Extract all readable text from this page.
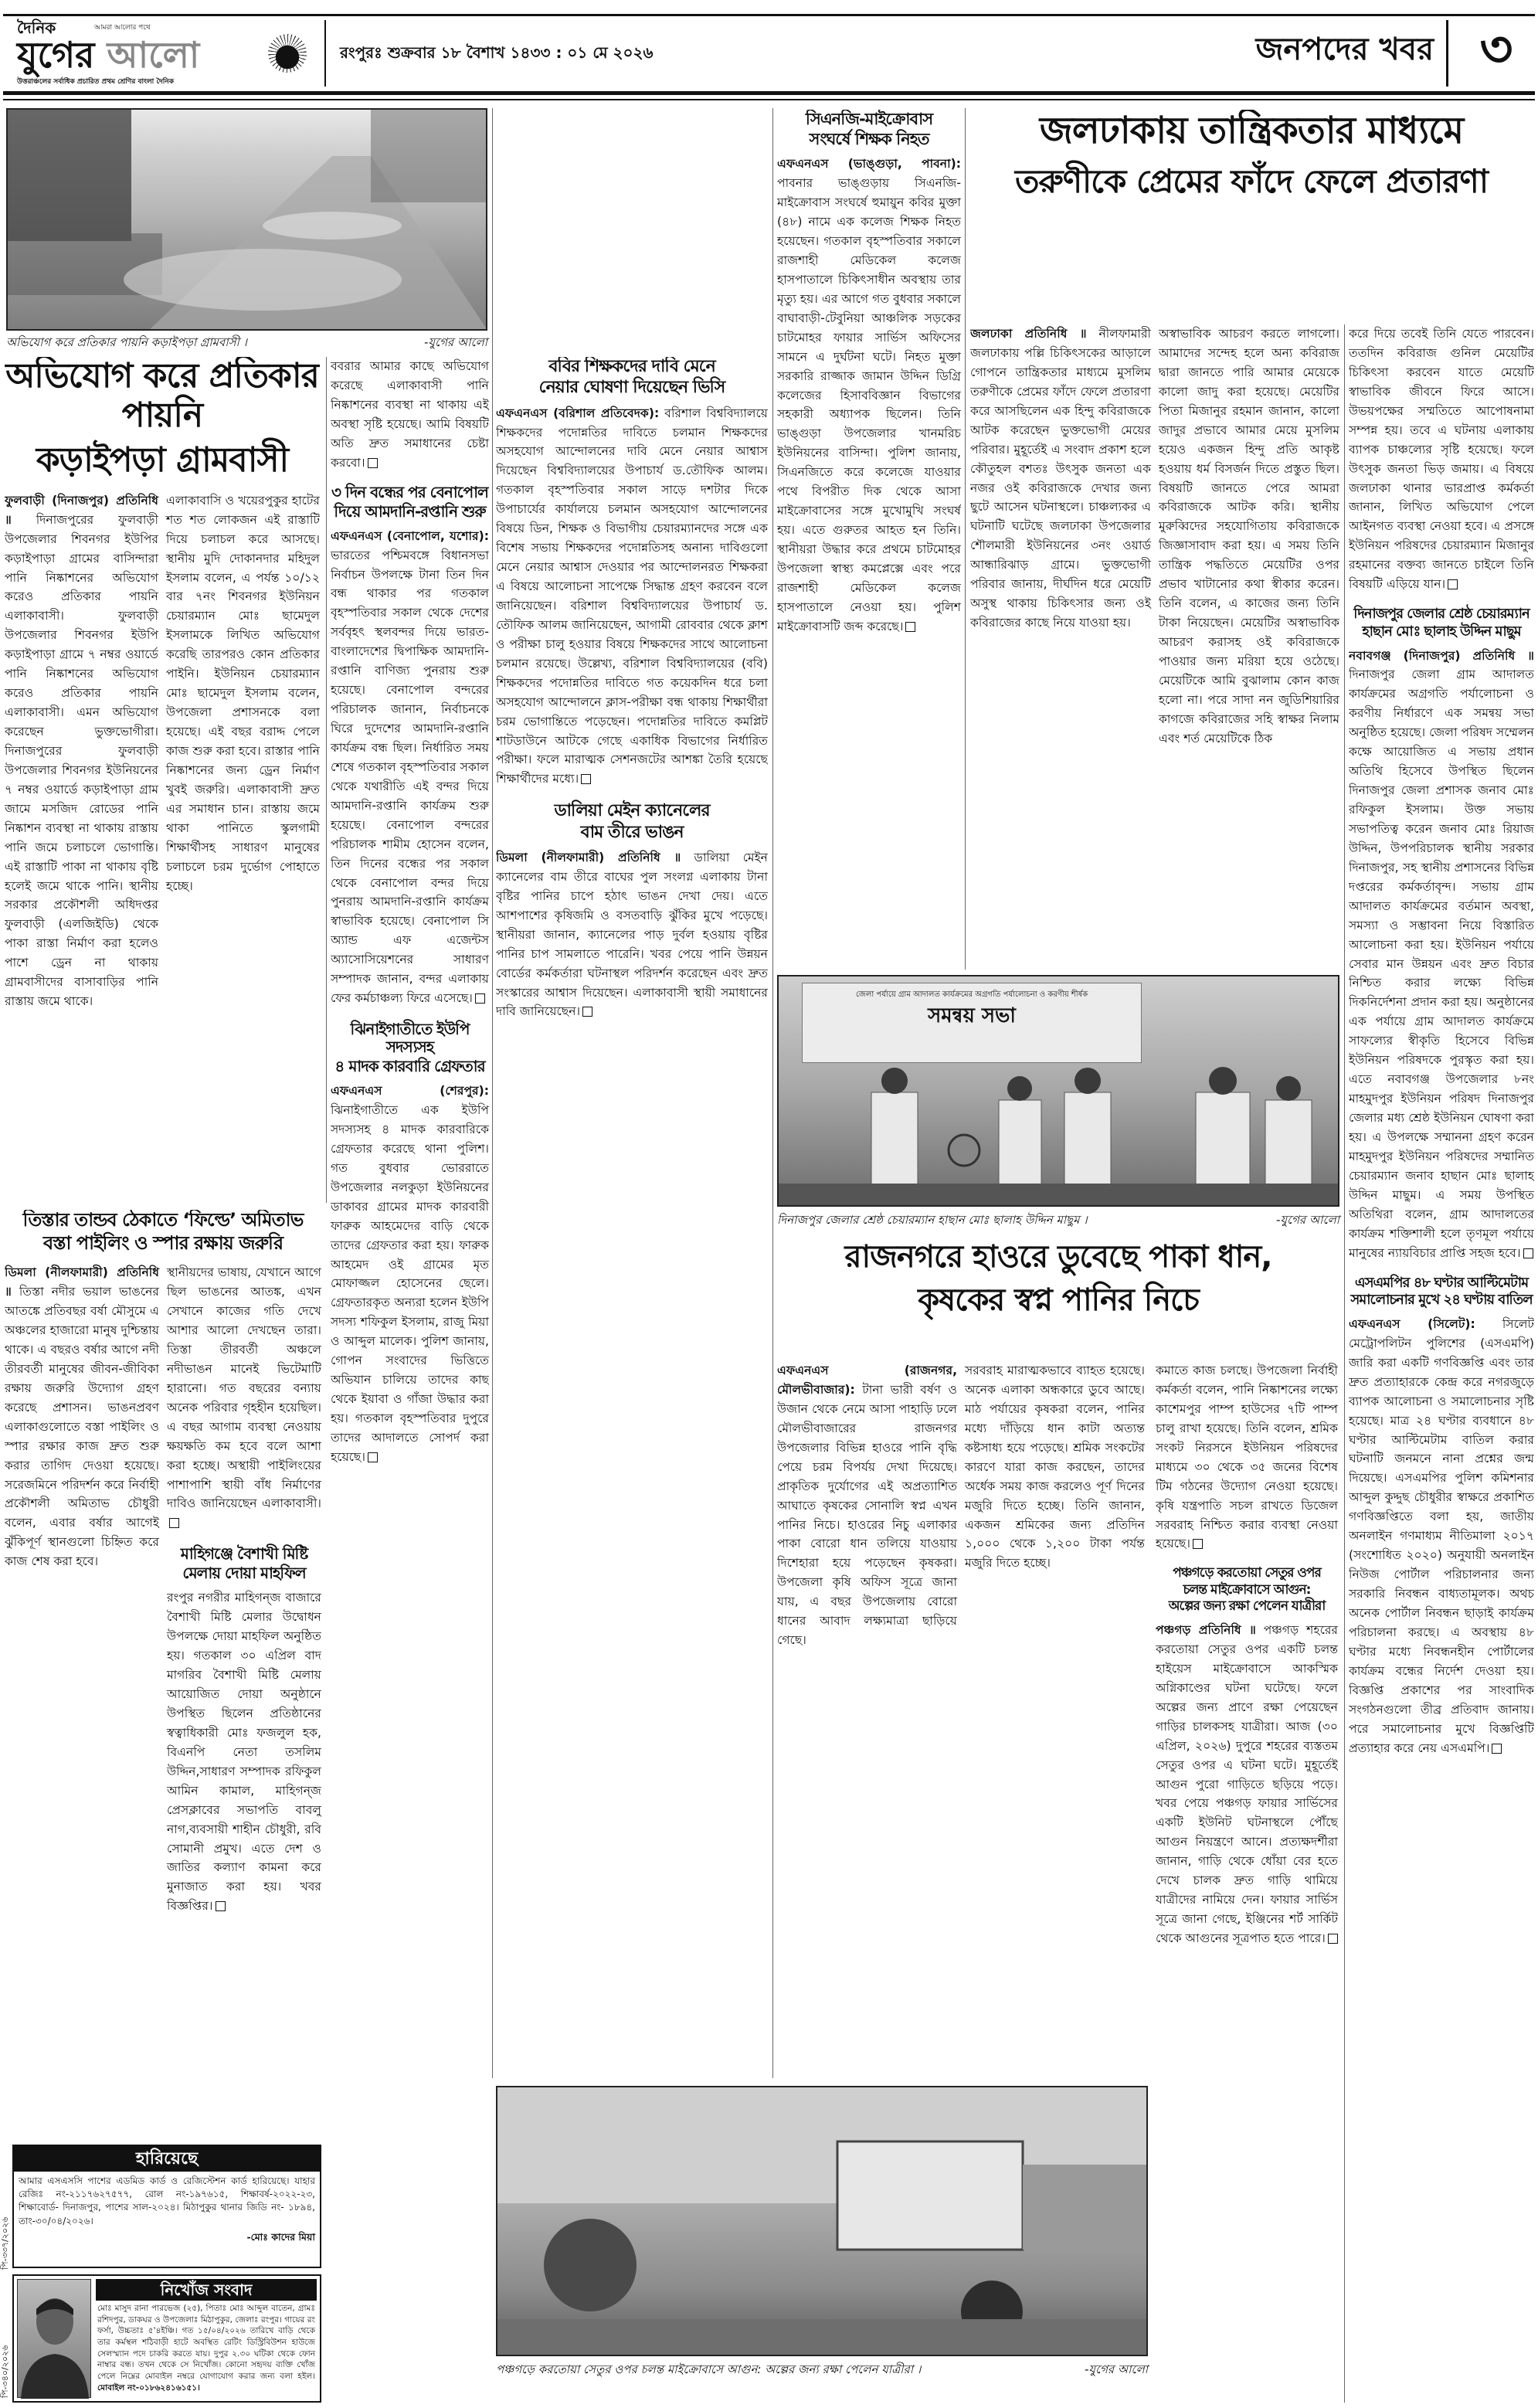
দৈনিক	আমরা আলোর পথে
যুগের আলো
উত্তরাঞ্চলের সর্বাধিক প্রচারিত প্রথম শ্রেণির বাংলা দৈনিক
রংপুরঃ শুক্রবার ১৮ বৈশাখ ১৪৩৩ : ০১ মে ২০২৬	জনপদের খবর ৩
অভিযোগ করে প্রতিকার পায়নি কড়াইপড়া গ্রামবাসী ।	-যুগের আলো
অভিযোগ করে প্রতিকার পায়নি
কড়াইপড়া গ্রামবাসী
ফুলবাড়ী (দিনাজপুর) প্রতিনিধি ॥ দিনাজপুরের ফুলবাড়ী উপজেলার শিবনগর ইউপির কড়াইপাড়া গ্রামের বাসিন্দারা পানি নিষ্কাশনের অভিযোগ করেও প্রতিকার পায়নি এলাকাবাসী। ফুলবাড়ী উপজেলার শিবনগর ইউপি কড়াইপাড়া গ্রামে ৭ নম্বর ওয়ার্ডে পানি নিষ্কাশনের অভিযোগ করেও প্রতিকার পায়নি এলাকাবাসী। এমন অভিযোগ করেছেন ভুক্তভোগীরা। দিনাজপুরের ফুলবাড়ী উপজেলার শিবনগর ইউনিয়নের ৭ নম্বর ওয়ার্ডে কড়াইপাড়া গ্রাম জামে মসজিদ রোডের পানি নিষ্কাশন ব্যবস্থা না থাকায় রাস্তায় পানি জমে চলাচলে ভোগান্তি। এই রাস্তাটি পাকা না থাকায় বৃষ্টি হলেই জমে থাকে পানি। স্থানীয় সরকার প্রকৌশলী অধিদপ্তর ফুলবাড়ী (এলজিইডি) থেকে পাকা রাস্তা নির্মাণ করা হলেও পাশে ড্রেন না থাকায় গ্রামবাসীদের বাসাবাড়ির পানি রাস্তায় জমে থাকে।
এলাকাবাসি ও খয়েরপুকুর হাটের শত শত লোকজন এই রাস্তাটি দিয়ে চলাচল করে আসছে। স্থানীয় মুদি দোকানদার মহিদুল ইসলাম বলেন, এ পর্যন্ত ১০/১২ বার ৭নং শিবনগর ইউনিয়ন চেয়ারম্যান মোঃ ছামেদুল ইসলামকে লিখিত অভিযোগ করেছি তারপরও কোন প্রতিকার পাইনি। ইউনিয়ন চেয়ারম্যান মোঃ ছামেদুল ইসলাম বলেন, উপজেলা প্রশাসনকে বলা হয়েছে। এই বছর বরাদ্দ পেলে কাজ শুরু করা হবে। রাস্তার পানি নিষ্কাশনের জন্য ড্রেন নির্মাণ খুবই জরুরি। এলাকাবাসী দ্রুত এর সমাধান চান। রাস্তায় জমে থাকা পানিতে স্কুলগামী শিক্ষার্থীসহ সাধারণ মানুষের চলাচলে চরম দুর্ভোগ পোহাতে হচ্ছে।
ববরার আমার কাছে অভিযোগ করেছে এলাকাবাসী পানি নিষ্কাশনের ব্যবস্থা না থাকায় এই অবস্থা সৃষ্টি হয়েছে। আমি বিষয়টি অতি দ্রুত সমাধানের চেষ্টা করবো।
৩ দিন বন্ধের পর বেনাপোল
দিয়ে আমদানি-রপ্তানি শুরু
এফএনএস (বেনাপোল, যশোর): ভারতের পশ্চিমবঙ্গে বিধানসভা নির্বাচন উপলক্ষে টানা তিন দিন বন্ধ থাকার পর গতকাল বৃহস্পতিবার সকাল থেকে দেশের সর্ববৃহৎ স্থলবন্দর দিয়ে ভারত-বাংলাদেশের দ্বিপাক্ষিক আমদানি-রপ্তানি বাণিজ্য পুনরায় শুরু হয়েছে। বেনাপোল বন্দরের পরিচালক জানান, নির্বাচনকে ঘিরে দুদেশের আমদানি-রপ্তানি কার্যক্রম বন্ধ ছিল। নির্ধারিত সময় শেষে গতকাল বৃহস্পতিবার সকাল থেকে যথারীতি এই বন্দর দিয়ে আমদানি-রপ্তানি কার্যক্রম শুরু হয়েছে। বেনাপোল বন্দরের পরিচালক শামীম হোসেন বলেন, তিন দিনের বন্ধের পর সকাল থেকে বেনাপোল বন্দর দিয়ে পুনরায় আমদানি-রপ্তানি কার্যক্রম স্বাভাবিক হয়েছে। বেনাপোল সি অ্যান্ড এফ এজেন্টস অ্যাসোসিয়েশনের সাধারণ সম্পাদক জানান, বন্দর এলাকায় ফের কর্মচাঞ্চল্য ফিরে এসেছে।
ঝিনাইগাতীতে ইউপি সদস্যসহ
৪ মাদক কারবারি গ্রেফতার
এফএনএস (শেরপুর): ঝিনাইগাতীতে এক ইউপি সদস্যসহ ৪ মাদক কারবারিকে গ্রেফতার করেছে থানা পুলিশ। গত বুধবার ভোররাতে উপজেলার নলকুড়া ইউনিয়নের ডাকাবর গ্রামের মাদক কারবারী ফারুক আহমেদের বাড়ি থেকে তাদের গ্রেফতার করা হয়। ফারুক আহমেদ ওই গ্রামের মৃত মোফাজ্জল হোসেনের ছেলে। গ্রেফতারকৃত অন্যরা হলেন ইউপি সদস্য শফিকুল ইসলাম, রাজু মিয়া ও আব্দুল মালেক। পুলিশ জানায়, গোপন সংবাদের ভিত্তিতে অভিযান চালিয়ে তাদের কাছ থেকে ইয়াবা ও গাঁজা উদ্ধার করা হয়। গতকাল বৃহস্পতিবার দুপুরে তাদের আদালতে সোপর্দ করা হয়েছে।
তিস্তার তান্ডব ঠেকাতে ‘ফিল্ডে’ অমিতাভ
বস্তা পাইলিং ও স্পার রক্ষায় জরুরি
ডিমলা (নীলফামারী) প্রতিনিধি ॥ তিস্তা নদীর ভয়াল ভাঙনের আতঙ্কে প্রতিবছর বর্ষা মৌসুমে এ অঞ্চলের হাজারো মানুষ দুশ্চিন্তায় থাকে। এ বছরও বর্ষার আগে নদী তীরবর্তী মানুষের জীবন-জীবিকা রক্ষায় জরুরি উদ্যোগ গ্রহণ করেছে প্রশাসন। ভাঙনপ্রবণ এলাকাগুলোতে বস্তা পাইলিং ও স্পার রক্ষার কাজ দ্রুত শুরু করার তাগিদ দেওয়া হয়েছে। সরেজমিনে পরিদর্শন করে নির্বাহী প্রকৌশলী অমিতাভ চৌধুরী বলেন, এবার বর্ষার আগেই ঝুঁকিপূর্ণ স্থানগুলো চিহ্নিত করে কাজ শেষ করা হবে।
স্থানীয়দের ভাষায়, যেখানে আগে ছিল ভাঙনের আতঙ্ক, এখন সেখানে কাজের গতি দেখে আশার আলো দেখছেন তারা। তিস্তা তীরবর্তী অঞ্চলে নদীভাঙন মানেই ভিটেমাটি হারানো। গত বছরের বন্যায় অনেক পরিবার গৃহহীন হয়েছিল। এ বছর আগাম ব্যবস্থা নেওয়ায় ক্ষয়ক্ষতি কম হবে বলে আশা করা হচ্ছে। অস্থায়ী পাইলিংয়ের পাশাপাশি স্থায়ী বাঁধ নির্মাণের দাবিও জানিয়েছেন এলাকাবাসী।
মাহিগঞ্জে বৈশাখী মিষ্টি
মেলায় দোয়া মাহফিল
রংপুর নগরীর মাহিগন্জ বাজারে বৈশাখী মিষ্টি মেলার উদ্বোধন উপলক্ষে দোয়া মাহফিল অনুষ্ঠিত হয়। গতকাল ৩০ এপ্রিল বাদ মাগরিব বৈশাখী মিষ্টি মেলায় আয়োজিত দোয়া অনুষ্ঠানে উপস্থিত ছিলেন প্রতিষ্ঠানের স্বত্বাধিকারী মোঃ ফজলুল হক, বিএনপি নেতা তসলিম উদ্দিন,সাধারণ সম্পাদক রফিকুল আমিন কামাল, মাহিগন্জ প্রেসক্লাবের সভাপতি বাবলু নাগ,ব্যবসায়ী শাহীন চৌধুরী, রবি সোমানী প্রমুখ। এতে দেশ ও জাতির কল্যাণ কামনা করে মুনাজাত করা হয়। খবর বিজ্ঞপ্তির।
পি-৩৩৭/২০২৬
হারিয়েছে
আমার এসএসসি পাশের এডমিড কার্ড ও রেজিস্টেশন কার্ড হারিয়েছে। যাহার রেজিঃ নং-২১১৭৬২৭৫৭৭, রোল নং-১৯৭৬১৫, শিক্ষাবর্ষ-২০২২-২৩, শিক্ষাবোর্ড- দিনাজপুর, পাশের সাল-২০২৪। মিঠাপুকুর থানার জিডি নং- ১৮৯৪, তাং-৩০/০৪/২০২৬।
-মোঃ কাদের মিয়া
পি-৩৪০/২০২৬
নিখোঁজ সংবাদ
মোঃ মাসুদ রানা পারভেজ (২৫), পিতাঃ মোঃ আব্দুল বাতেন, গ্রামঃ রশিদপুর, ডাকঘর ও উপজেলাঃ মিঠাপুকুর, জেলাঃ রংপুর। গায়ের রং ফর্সা, উচ্চতাঃ ৫'৪ইঞ্চি। গত ১৫/০৪/২০২৬ তারিখে বাড়ি থেকে তার কর্মস্থল শঠিবাড়ী হাটে অবস্থিত রেটিং ডিস্ট্রিবিউশন হাউজে সেলস্ম্যান পদে চাকরি করতে যায়। দুপুর ২.৩০ ঘটিকা থেকে ফোন নাম্বার বন্ধ। তখন থেকে সে নিখোঁজ। কোনো সহৃদয় ব্যক্তি খোঁজ পেলে নিম্নের মোবাইল নম্বরে যোগাযোগ করার জন্য বলা হইল। মোবাইল নং-০১৮৬২৪১৬১৫১।
ববির শিক্ষকদের দাবি মেনে
নেয়ার ঘোষণা দিয়েছেন ভিসি
এফএনএস (বরিশাল প্রতিবেদক): বরিশাল বিশ্ববিদ্যালয়ে শিক্ষকদের পদোন্নতির দাবিতে চলমান শিক্ষকদের অসহযোগ আন্দোলনের দাবি মেনে নেয়ার আশ্বাস দিয়েছেন বিশ্ববিদ্যালয়ের উপাচার্য ড.তৌফিক আলম। গতকাল বৃহস্পতিবার সকাল সাড়ে দশটার দিকে উপাচার্যের কার্যালয়ে চলমান অসহযোগ আন্দোলনের বিষয়ে ডিন, শিক্ষক ও বিভাগীয় চেয়ারম্যানদের সঙ্গে এক বিশেষ সভায় শিক্ষকদের পদোন্নতিসহ অনান্য দাবিগুলো মেনে নেয়ার আশ্বাস দেওয়ার পর আন্দোলনরত শিক্ষকরা এ বিষয়ে আলোচনা সাপেক্ষে সিদ্ধান্ত গ্রহণ করবেন বলে জানিয়েছেন। বরিশাল বিশ্ববিদ্যালয়ের উপাচার্য ড. তৌফিক আলম জানিয়েছেন, আগামী রোববার থেকে ক্লাশ ও পরীক্ষা চালু হওয়ার বিষয়ে শিক্ষকদের সাথে আলোচনা চলমান রয়েছে। উল্লেখ্য, বরিশাল বিশ্ববিদ্যালয়ের (ববি) শিক্ষকদের পদোন্নতির দাবিতে গত কয়েকদিন ধরে চলা অসহযোগ আন্দোলনে ক্লাস-পরীক্ষা বন্ধ থাকায় শিক্ষার্থীরা চরম ভোগান্তিতে পড়েছেন। পদোন্নতির দাবিতে কমপ্লিট শাটডাউনে আটকে গেছে একাধিক বিভাগের নির্ধারিত পরীক্ষা। ফলে মারাত্মক সেশনজটের আশঙ্কা তৈরি হয়েছে শিক্ষার্থীদের মধ্যে।
ডালিয়া মেইন ক্যানেলের
বাম তীরে ভাঙন
ডিমলা (নীলফামারী) প্রতিনিধি ॥ ডালিয়া মেইন ক্যানেলের বাম তীরে বাঘের পুল সংলগ্ন এলাকায় টানা বৃষ্টির পানির চাপে হঠাৎ ভাঙন দেখা দেয়। এতে আশপাশের কৃষিজমি ও বসতবাড়ি ঝুঁকির মুখে পড়েছে। স্থানীয়রা জানান, ক্যানেলের পাড় দুর্বল হওয়ায় বৃষ্টির পানির চাপ সামলাতে পারেনি। খবর পেয়ে পানি উন্নয়ন বোর্ডের কর্মকর্তারা ঘটনাস্থল পরিদর্শন করেছেন এবং দ্রুত সংস্কারের আশ্বাস দিয়েছেন। এলাকাবাসী স্থায়ী সমাধানের দাবি জানিয়েছেন।
পঞ্চগড়ে করতোয়া সেতুর ওপর চলন্ত মাইক্রোবাসে আগুন: অল্পের জন্য রক্ষা পেলেন যাত্রীরা ।	-যুগের আলো
সিএনজি-মাইক্রোবাস
সংঘর্ষে শিক্ষক নিহত
এফএনএস (ভাঙ্গুড়া, পাবনা): পাবনার ভাঙ্গুড়ায় সিএনজি- মাইক্রোবাস সংঘর্ষে হুমায়ুন কবির মুক্তা (৪৮) নামে এক কলেজ শিক্ষক নিহত হয়েছেন। গতকাল বৃহস্পতিবার সকালে রাজশাহী মেডিকেল কলেজ হাসপাতালে চিকিৎসাধীন অবস্থায় তার মৃত্যু হয়। এর আগে গত বুধবার সকালে বাঘাবাড়ী-টেবুনিয়া আঞ্চলিক সড়কের চাটমোহর ফায়ার সার্ভিস অফিসের সামনে এ দুর্ঘটনা ঘটে। নিহত মুক্তা সরকারি রাজ্জাক জামান উদ্দিন ডিগ্রি কলেজের হিসাববিজ্ঞান বিভাগের সহকারী অধ্যাপক ছিলেন। তিনি ভাঙ্গুড়া উপজেলার খানমরিচ ইউনিয়নের বাসিন্দা। পুলিশ জানায়, সিএনজিতে করে কলেজে যাওয়ার পথে বিপরীত দিক থেকে আসা মাইক্রোবাসের সঙ্গে মুখোমুখি সংঘর্ষ হয়। এতে গুরুতর আহত হন তিনি। স্থানীয়রা উদ্ধার করে প্রথমে চাটমোহর উপজেলা স্বাস্থ্য কমপ্লেক্সে এবং পরে রাজশাহী মেডিকেল কলেজ হাসপাতালে নেওয়া হয়। পুলিশ মাইক্রোবাসটি জব্দ করেছে।
জলঢাকায় তান্ত্রিকতার মাধ্যমে
তরুণীকে প্রেমের ফাঁদে ফেলে প্রতারণা
জলঢাকা প্রতিনিধি ॥ নীলফামারী জলঢাকায় পল্লি চিকিৎসকের আড়ালে গোপনে তান্ত্রিকতার মাধ্যমে মুসলিম তরুণীকে প্রেমের ফাঁদে ফেলে প্রতারণা করে আসছিলেন এক হিন্দু কবিরাজকে আটক করেছেন ভুক্তভোগী মেয়ের পরিবার। মুহূর্তেই এ সংবাদ প্রকাশ হলে কৌতুহল বশতঃ উৎসুক জনতা এক নজর ওই কবিরাজকে দেখার জন্য ছুটে আসেন ঘটনাস্থলে। চাঞ্চল্যকর এ ঘটনাটি ঘটেছে জলঢাকা উপজেলার শৌলমারী ইউনিয়নের ৩নং ওয়ার্ড আন্ধারিঝাড় গ্রামে। ভুক্তভোগী পরিবার জানায়, দীর্ঘদিন ধরে মেয়েটি অসুস্থ থাকায় চিকিৎসার জন্য ওই কবিরাজের কাছে নিয়ে যাওয়া হয়।
অস্বাভাবিক আচরণ করতে লাগলো। আমাদের সন্দেহ হলে অন্য কবিরাজ দ্বারা জানতে পারি আমার মেয়েকে কালো জাদু করা হয়েছে। মেয়েটির পিতা মিজানুর রহমান জানান, কালো জাদুর প্রভাবে আমার মেয়ে মুসলিম হয়েও একজন হিন্দু প্রতি আকৃষ্ট হওয়ায় ধর্ম বিসর্জন দিতে প্রস্তুত ছিল। বিষয়টি জানতে পেরে আমরা কবিরাজকে আটক করি। স্থানীয় মুরুব্বিদের সহযোগিতায় কবিরাজকে জিজ্ঞাসাবাদ করা হয়। এ সময় তিনি তান্ত্রিক পদ্ধতিতে মেয়েটির ওপর প্রভাব খাটানোর কথা স্বীকার করেন। তিনি বলেন, এ কাজের জন্য তিনি টাকা নিয়েছেন। মেয়েটির অস্বাভাবিক আচরণ করাসহ ওই কবিরাজকে পাওয়ার জন্য মরিয়া হয়ে ওঠেছে। মেয়েটিকে আমি বুঝালাম কোন কাজ হলো না। পরে সাদা নন জুডিশিয়ারির কাগজে কবিরাজের সহি স্বাক্ষর নিলাম এবং শর্ত মেয়েটিকে ঠিক
করে দিয়ে তবেই তিনি যেতে পারবেন। ততদিন কবিরাজ গুনিল মেয়েটির চিকিৎসা করবেন যাতে মেয়েটি স্বাভাবিক জীবনে ফিরে আসে। উভয়পক্ষের সম্মতিতে আপোষনামা সম্পন্ন হয়। তবে এ ঘটনায় এলাকায় ব্যাপক চাঞ্চল্যের সৃষ্টি হয়েছে। ফলে উৎসুক জনতা ভিড় জমায়। এ বিষয়ে জলঢাকা থানার ভারপ্রাপ্ত কর্মকর্তা জানান, লিখিত অভিযোগ পেলে আইনগত ব্যবস্থা নেওয়া হবে। এ প্রসঙ্গে ইউনিয়ন পরিষদের চেয়ারম্যান মিজানুর রহমানের বক্তব্য জানতে চাইলে তিনি বিষয়টি এড়িয়ে যান।
দিনাজপুর জেলার শ্রেষ্ঠ চেয়ারম্যান
হাছান মোঃ ছালাহ উদ্দিন মাছুম
নবাবগঞ্জ (দিনাজপুর) প্রতিনিধি ॥ দিনাজপুর জেলা গ্রাম আদালত কার্যক্রমের অগ্রগতি পর্যালোচনা ও করণীয় নির্ধারণে এক সমন্বয় সভা অনুষ্ঠিত হয়েছে। জেলা পরিষদ সম্মেলন কক্ষে আয়োজিত এ সভায় প্রধান অতিথি হিসেবে উপস্থিত ছিলেন দিনাজপুর জেলা প্রশাসক জনাব মোঃ রফিকুল ইসলাম। উক্ত সভায় সভাপতিত্ব করেন জনাব মোঃ রিয়াজ উদ্দিন, উপপরিচালক স্থানীয় সরকার দিনাজপুর, সহ স্থানীয় প্রশাসনের বিভিন্ন দপ্তরের কর্মকর্তাবৃন্দ। সভায় গ্রাম আদালত কার্যক্রমের বর্তমান অবস্থা, সমস্যা ও সম্ভাবনা নিয়ে বিস্তারিত আলোচনা করা হয়। ইউনিয়ন পর্যায়ে সেবার মান উন্নয়ন এবং দ্রুত বিচার নিশ্চিত করার লক্ষ্যে বিভিন্ন দিকনির্দেশনা প্রদান করা হয়। অনুষ্ঠানের এক পর্যায়ে গ্রাম আদালত কার্যক্রমে সাফল্যের স্বীকৃতি হিসেবে বিভিন্ন ইউনিয়ন পরিষদকে পুরস্কৃত করা হয়। এতে নবাবগঞ্জ উপজেলার ৮নং মাহমুদপুর ইউনিয়ন পরিষদ দিনাজপুর জেলার মধ্য শ্রেষ্ঠ ইউনিয়ন ঘোষণা করা হয়। এ উপলক্ষে সম্মাননা গ্রহণ করেন মাহমুদপুর ইউনিয়ন পরিষদের সম্মানিত চেয়ারম্যান জনাব হাছান মোঃ ছালাহ উদ্দিন মাছুম। এ সময় উপস্থিত অতিথিরা বলেন, গ্রাম আদালতের কার্যক্রম শক্তিশালী হলে তৃণমূল পর্যায়ে মানুষের ন্যায়বিচার প্রাপ্তি সহজ হবে।
এসএমপির ৪৮ ঘণ্টার আল্টিমেটাম
সমালোচনার মুখে ২৪ ঘণ্টায় বাতিল
এফএনএস (সিলেট): সিলেট মেট্রোপলিটন পুলিশের (এসএমপি) জারি করা একটি গণবিজ্ঞপ্তি এবং তার দ্রুত প্রত্যাহারকে কেন্দ্র করে নগরজুড়ে ব্যাপক আলোচনা ও সমালোচনার সৃষ্টি হয়েছে। মাত্র ২৪ ঘণ্টার ব্যবধানে ৪৮ ঘণ্টার আল্টিমেটাম বাতিল করার ঘটনাটি জনমনে নানা প্রশ্নের জন্ম দিয়েছে। এসএমপির পুলিশ কমিশনার আব্দুল কুদ্দুছ চৌধুরীর স্বাক্ষরে প্রকাশিত গণবিজ্ঞপ্তিতে বলা হয়, জাতীয় অনলাইন গণমাধ্যম নীতিমালা ২০১৭ (সংশোধিত ২০২০) অনুযায়ী অনলাইন নিউজ পোর্টাল পরিচালনার জন্য সরকারি নিবন্ধন বাধ্যতামূলক। অথচ অনেক পোর্টাল নিবন্ধন ছাড়াই কার্যক্রম পরিচালনা করছে। এ অবস্থায় ৪৮ ঘণ্টার মধ্যে নিবন্ধনহীন পোর্টালের কার্যক্রম বন্ধের নির্দেশ দেওয়া হয়। বিজ্ঞপ্তি প্রকাশের পর সাংবাদিক সংগঠনগুলো তীব্র প্রতিবাদ জানায়। পরে সমালোচনার মুখে বিজ্ঞপ্তিটি প্রত্যাহার করে নেয় এসএমপি।
জেলা পর্যায়ে গ্রাম আদালত কার্যক্রমের অগ্রগতি পর্যালোচনা ও করণীয় শীর্ষক
সমন্বয় সভা
দিনাজপুর জেলার শ্রেষ্ঠ চেয়ারম্যান হাছান মোঃ ছালাহ উদ্দিন মাছুম ।	-যুগের আলো
রাজনগরে হাওরে ডুবেছে পাকা ধান,
কৃষকের স্বপ্ন পানির নিচে
এফএনএস (রাজনগর, মৌলভীবাজার): টানা ভারী বর্ষণ ও উজান থেকে নেমে আসা পাহাড়ি ঢলে মৌলভীবাজারের রাজনগর উপজেলার বিভিন্ন হাওরে পানি বৃদ্ধি পেয়ে চরম বিপর্যয় দেখা দিয়েছে। প্রাকৃতিক দুর্যোগের এই অপ্রত্যাশিত আঘাতে কৃষকের সোনালি স্বপ্ন এখন পানির নিচে। হাওরের নিচু এলাকার পাকা বোরো ধান তলিয়ে যাওয়ায় দিশেহারা হয়ে পড়েছেন কৃষকরা। উপজেলা কৃষি অফিস সূত্রে জানা যায়, এ বছর উপজেলায় বোরো ধানের আবাদ লক্ষ্যমাত্রা ছাড়িয়ে গেছে।
সরবরাহ মারাত্মকভাবে ব্যাহত হয়েছে। অনেক এলাকা অন্ধকারে ডুবে আছে। মাঠ পর্যায়ের কৃষকরা বলেন, পানির মধ্যে দাঁড়িয়ে ধান কাটা অত্যন্ত কষ্টসাধ্য হয়ে পড়েছে। শ্রমিক সংকটের কারণে যারা কাজ করছেন, তাদের অর্ধেক সময় কাজ করলেও পূর্ণ দিনের মজুরি দিতে হচ্ছে। তিনি জানান, একজন শ্রমিকের জন্য প্রতিদিন ১,০০০ থেকে ১,২০০ টাকা পর্যন্ত মজুরি দিতে হচ্ছে।
কমাতে কাজ চলছে। উপজেলা নির্বাহী কর্মকর্তা বলেন, পানি নিষ্কাশনের লক্ষ্যে কাশেমপুর পাম্প হাউসের ৭টি পাম্প চালু রাখা হয়েছে। তিনি বলেন, শ্রমিক সংকট নিরসনে ইউনিয়ন পরিষদের মাধ্যমে ৩০ থেকে ৩৫ জনের বিশেষ টিম গঠনের উদ্যোগ নেওয়া হয়েছে। কৃষি যন্ত্রপাতি সচল রাখতে ডিজেল সরবরাহ নিশ্চিত করার ব্যবস্থা নেওয়া হয়েছে।
পঞ্চগড়ে করতোয়া সেতুর ওপর
চলন্ত মাইক্রোবাসে আগুন:
অল্পের জন্য রক্ষা পেলেন যাত্রীরা
পঞ্চগড় প্রতিনিধি ॥ পঞ্চগড় শহরের করতোয়া সেতুর ওপর একটি চলন্ত হাইয়েস মাইক্রোবাসে আকস্মিক অগ্নিকাণ্ডের ঘটনা ঘটেছে। ফলে অল্পের জন্য প্রাণে রক্ষা পেয়েছেন গাড়ির চালকসহ যাত্রীরা। আজ (৩০ এপ্রিল, ২০২৬) দুপুরে শহরের ব্যস্ততম সেতুর ওপর এ ঘটনা ঘটে। মুহূর্তেই আগুন পুরো গাড়িতে ছড়িয়ে পড়ে। খবর পেয়ে পঞ্চগড় ফায়ার সার্ভিসের একটি ইউনিট ঘটনাস্থলে পৌঁছে আগুন নিয়ন্ত্রণে আনে। প্রত্যক্ষদর্শীরা জানান, গাড়ি থেকে ধোঁয়া বের হতে দেখে চালক দ্রুত গাড়ি থামিয়ে যাত্রীদের নামিয়ে দেন। ফায়ার সার্ভিস সূত্রে জানা গেছে, ইঞ্জিনের শর্ট সার্কিট থেকে আগুনের সূত্রপাত হতে পারে।
